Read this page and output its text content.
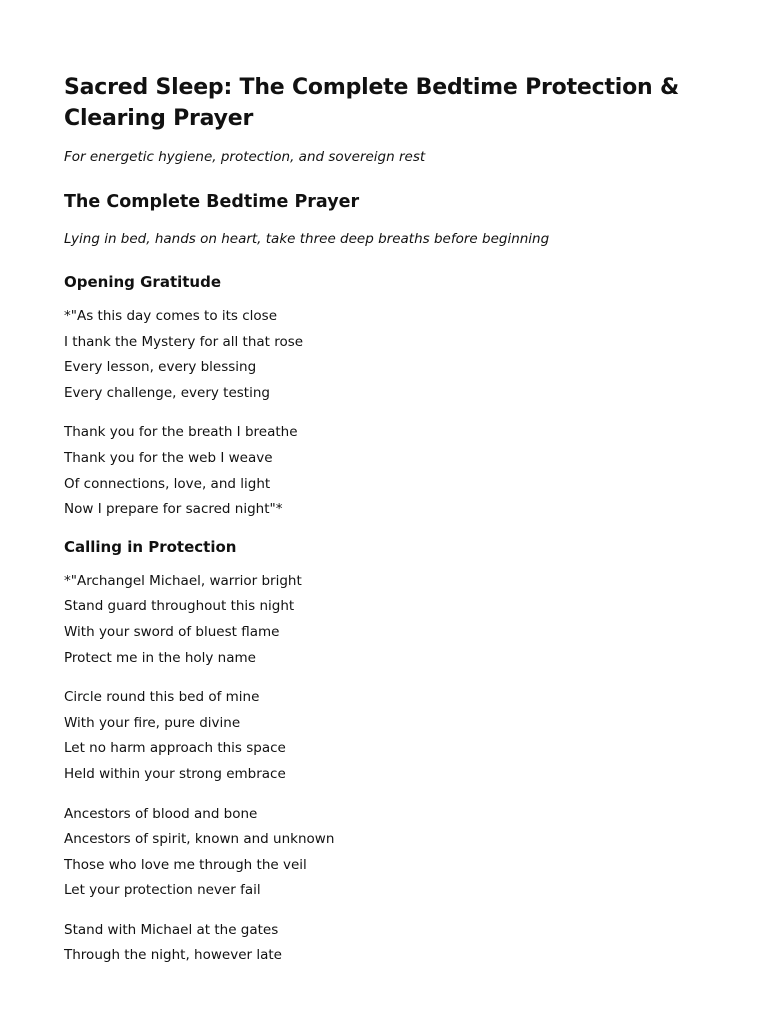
Sacred Sleep: The Complete Bedtime Protection & Clearing Prayer

For energetic hygiene, protection, and sovereign rest

The Complete Bedtime Prayer

Lying in bed, hands on heart, take three deep breaths before beginning

Opening Gratitude
*"As this day comes to its close
I thank the Mystery for all that rose
Every lesson, every blessing
Every challenge, every testing
Thank you for the breath I breathe
Thank you for the web I weave
Of connections, love, and light
Now I prepare for sacred night"*
Calling in Protection
*"Archangel Michael, warrior bright
Stand guard throughout this night
With your sword of bluest flame
Protect me in the holy name
Circle round this bed of mine
With your fire, pure divine
Let no harm approach this space
Held within your strong embrace
Ancestors of blood and bone
Ancestors of spirit, known and unknown
Those who love me through the veil
Let your protection never fail
Stand with Michael at the gates
Through the night, however late
